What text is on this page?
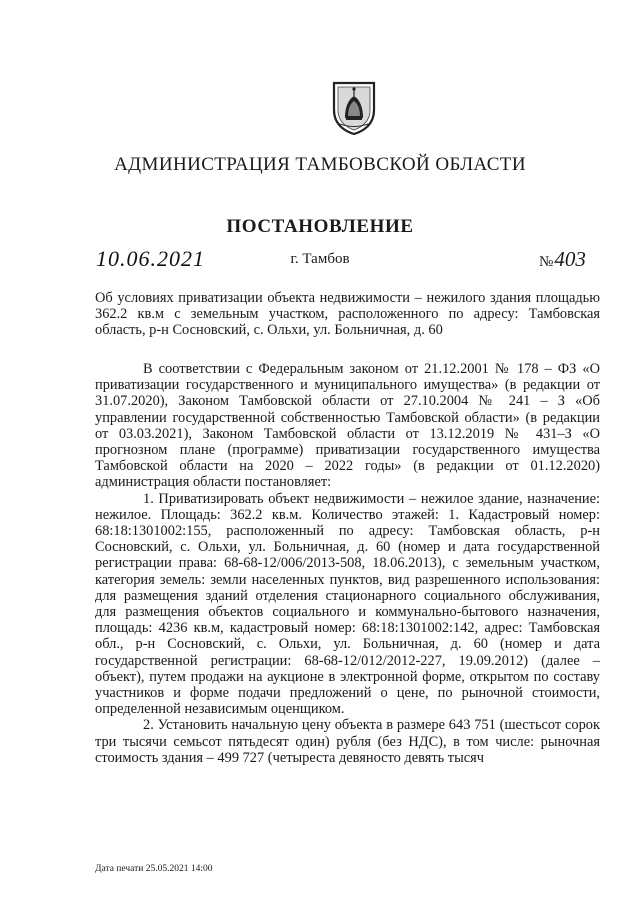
АДМИНИСТРАЦИЯ ТАМБОВСКОЙ ОБЛАСТИ
ПОСТАНОВЛЕНИЕ
10.06.2021	г. Тамбов	№403

Об условиях приватизации объекта недвижимости – нежилого здания площадью 362.2 кв.м с земельным участком, расположенного по адресу: Тамбовская область, р-н Сосновский, с. Ольхи, ул. Больничная, д. 60

В соответствии с Федеральным законом от 21.12.2001 № 178 – ФЗ «О приватизации государственного и муниципального имущества» (в редакции от 31.07.2020), Законом Тамбовской области от 27.10.2004 № 241 – З «Об управлении государственной собственностью Тамбовской области» (в редакции от 03.03.2021), Законом Тамбовской области от 13.12.2019 № 431–З «О прогнозном плане (программе) приватизации государственного имущества Тамбовской области на 2020 – 2022 годы» (в редакции от 01.12.2020) администрация области постановляет:

1. Приватизировать объект недвижимости – нежилое здание, назначение: нежилое. Площадь: 362.2 кв.м. Количество этажей: 1. Кадастровый номер: 68:18:1301002:155, расположенный по адресу: Тамбовская область, р-н Сосновский, с. Ольхи, ул. Больничная, д. 60 (номер и дата государственной регистрации права: 68-68-12/006/2013-508, 18.06.2013), с земельным участком, категория земель: земли населенных пунктов, вид разрешенного использования: для размещения зданий отделения стационарного социального обслуживания, для размещения объектов социального и коммунально-бытового назначения, площадь: 4236 кв.м, кадастровый номер: 68:18:1301002:142, адрес: Тамбовская обл., р-н Сосновский, с. Ольхи, ул. Больничная, д. 60 (номер и дата государственной регистрации: 68-68-12/012/2012-227, 19.09.2012) (далее – объект), путем продажи на аукционе в электронной форме, открытом по составу участников и форме подачи предложений о цене, по рыночной стоимости, определенной независимым оценщиком.

2. Установить начальную цену объекта в размере 643 751 (шестьсот сорок три тысячи семьсот пятьдесят один) рубля (без НДС), в том числе: рыночная стоимость здания – 499 727 (четыреста девяносто девять тысяч

Дата печати 25.05.2021 14:00
